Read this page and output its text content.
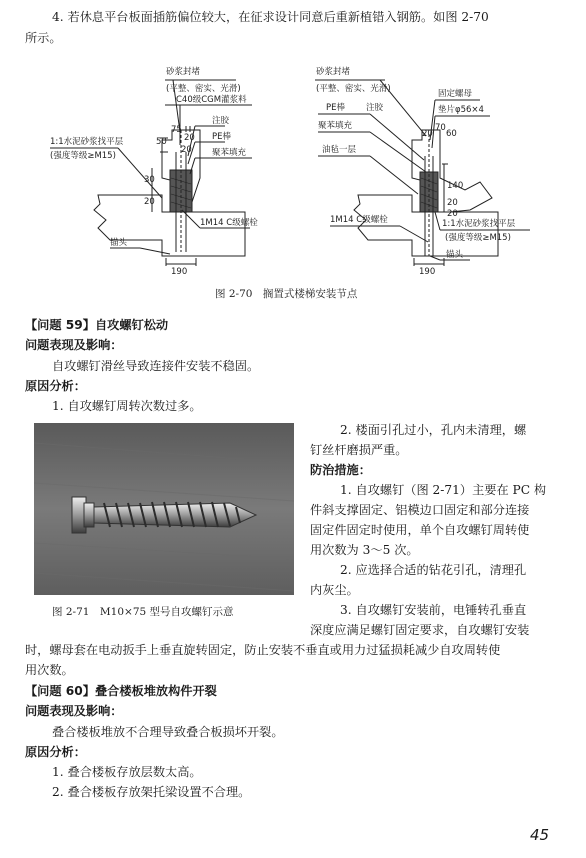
4. 若休息平台板面插筋偏位较大，在征求设计同意后重新植错入钢筋。如图 2-70
所示。
砂浆封堵
(平整、密实、光滑)
C40级CGM灌浆料
注胶
PE棒
聚苯填充
1:1水泥砂浆找平层
(强度等级≥M15)
1M14 C级螺栓
锚头
50
75
20
20
30
20
190
砂浆封堵
(平整、密实、光滑)	固定螺母
PE棒 注胶	垫片φ56×4
聚苯填充
油毡一层
1M14 C级螺栓	1:1水泥砂浆找平层
(强度等级≥M15)
锚头
20
70
60
140
20
20
190
图 2-70　搁置式楼梯安装节点
【问题 59】自攻螺钉松动
问题表现及影响：
自攻螺钉滑丝导致连接件安装不稳固。
原因分析：
1. 自攻螺钉周转次数过多。
图 2-71　M10×75 型号自攻螺钉示意
2. 楼面引孔过小，孔内未清理，螺
钉丝杆磨损严重。
防治措施：
1. 自攻螺钉（图 2-71）主要在 PC 构
件斜支撑固定、铝模边口固定和部分连接
固定件固定时使用，单个自攻螺钉周转使
用次数为 3～5 次。
2. 应选择合适的钻花引孔，清理孔
内灰尘。
3. 自攻螺钉安装前，电锤转孔垂直
深度应满足螺钉固定要求，自攻螺钉安装
时，螺母套在电动扳手上垂直旋转固定，防止安装不垂直或用力过猛损耗减少自攻周转使
用次数。
【问题 60】叠合楼板堆放构件开裂
问题表现及影响：
叠合楼板堆放不合理导致叠合板损坏开裂。
原因分析：
1. 叠合楼板存放层数太高。
2. 叠合楼板存放架托梁设置不合理。
45
